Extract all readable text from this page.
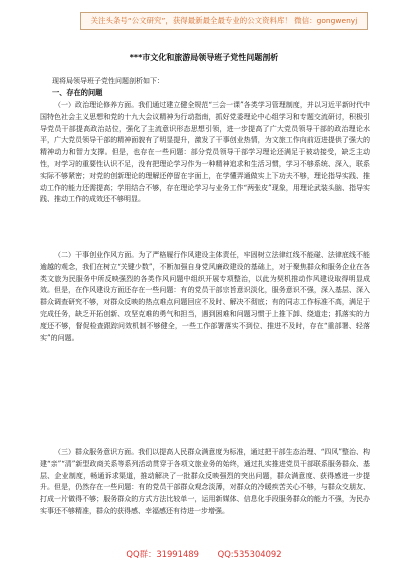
关注头条号“公文研究”，获得最新最全最专业的公文资料库！ 微信：gongwenyj
***市文化和旅游局领导班子党性问题剖析
现将局领导班子党性问题剖析如下：
一、存在的问题
（一）政治理论修养方面。我们通过建立健全规范“三会一课”各类学习管理制度，并以习近平新时代中国特色社会主义思想和党的十九大会议精神为行动指南，抓好党委理论中心组学习和专题交流研讨，积极引导党员干部提高政治站位，强化了主流意识形态思想引领，进一步提高了广大党员领导干部的政治理论水平，广大党员领导干部的精神面貌有了明显提升，激发了干事创业热情，为文旅工作向前迈进提供了强大的精神动力和智力支撑。但是，也存在一些问题：部分党员领导干部学习理论还满足于被动接受，缺乏主动性，对学习的重要性认识不足，没有把理论学习作为一种精神追求和生活习惯，学习不够系统、深入，联系实际不够紧密；对党的创新理论的理解还停留在字面上，在学懂弄通做实上下功夫不够，理论指导实践、推动工作的能力还需提高；学用结合不够，存在理论学习与业务工作“两张皮”现象，用理论武装头脑、指导实践、推动工作的成效还不够明显。
（二）干事创业作风方面。为了严格履行作风建设主体责任，牢固树立法律红线不能碰、法律底线不能逾越的观念，我们在树立“关键少数”，不断加强自身党风廉政建设的基础上，对于聚焦群众和服务企业在各类文旅为民服务中所反映强烈的各类作风问题中组织开展专项整治，以此为契机推动作风建设取得明显成效。但是，在作风建设方面还存在一些问题：有的党员干部宗旨意识淡化，服务意识不强，深入基层、深入群众调查研究不够，对群众反映的热点难点问题回应不及时、解决不彻底；有的同志工作标准不高，满足于完成任务，缺乏开拓创新、攻坚克难的勇气和担当，遇到困难和问题习惯于上推下卸、绕道走；抓落实的力度还不够，督促检查跟踪问效机制不够健全，一些工作部署落实不到位、推进不及时，存在“重部署、轻落实”的问题。
（三）群众服务意识方面。我们以提高人民群众满意度为标准，通过把干部生态治理、“四风”整治、构建“亲”“清”新型政商关系等系列活动贯穿于各项文旅业务的始终，通过扎实推进党员干部联系服务群众、基层、企业制度，畅通诉求渠道，推动解决了一批群众反映强烈的突出问题，群众满意度、获得感进一步提升。但是，仍然存在一些问题：有的党员干部群众观念淡薄，对群众的冷暖疾苦关心不够，与群众交朋友、打成一片做得不够；服务群众的方式方法比较单一，运用新媒体、信息化手段服务群众的能力不强，为民办实事还不够精准，群众的获得感、幸福感还有待进一步增强。
QQ群：31991489 QQ:535304092
